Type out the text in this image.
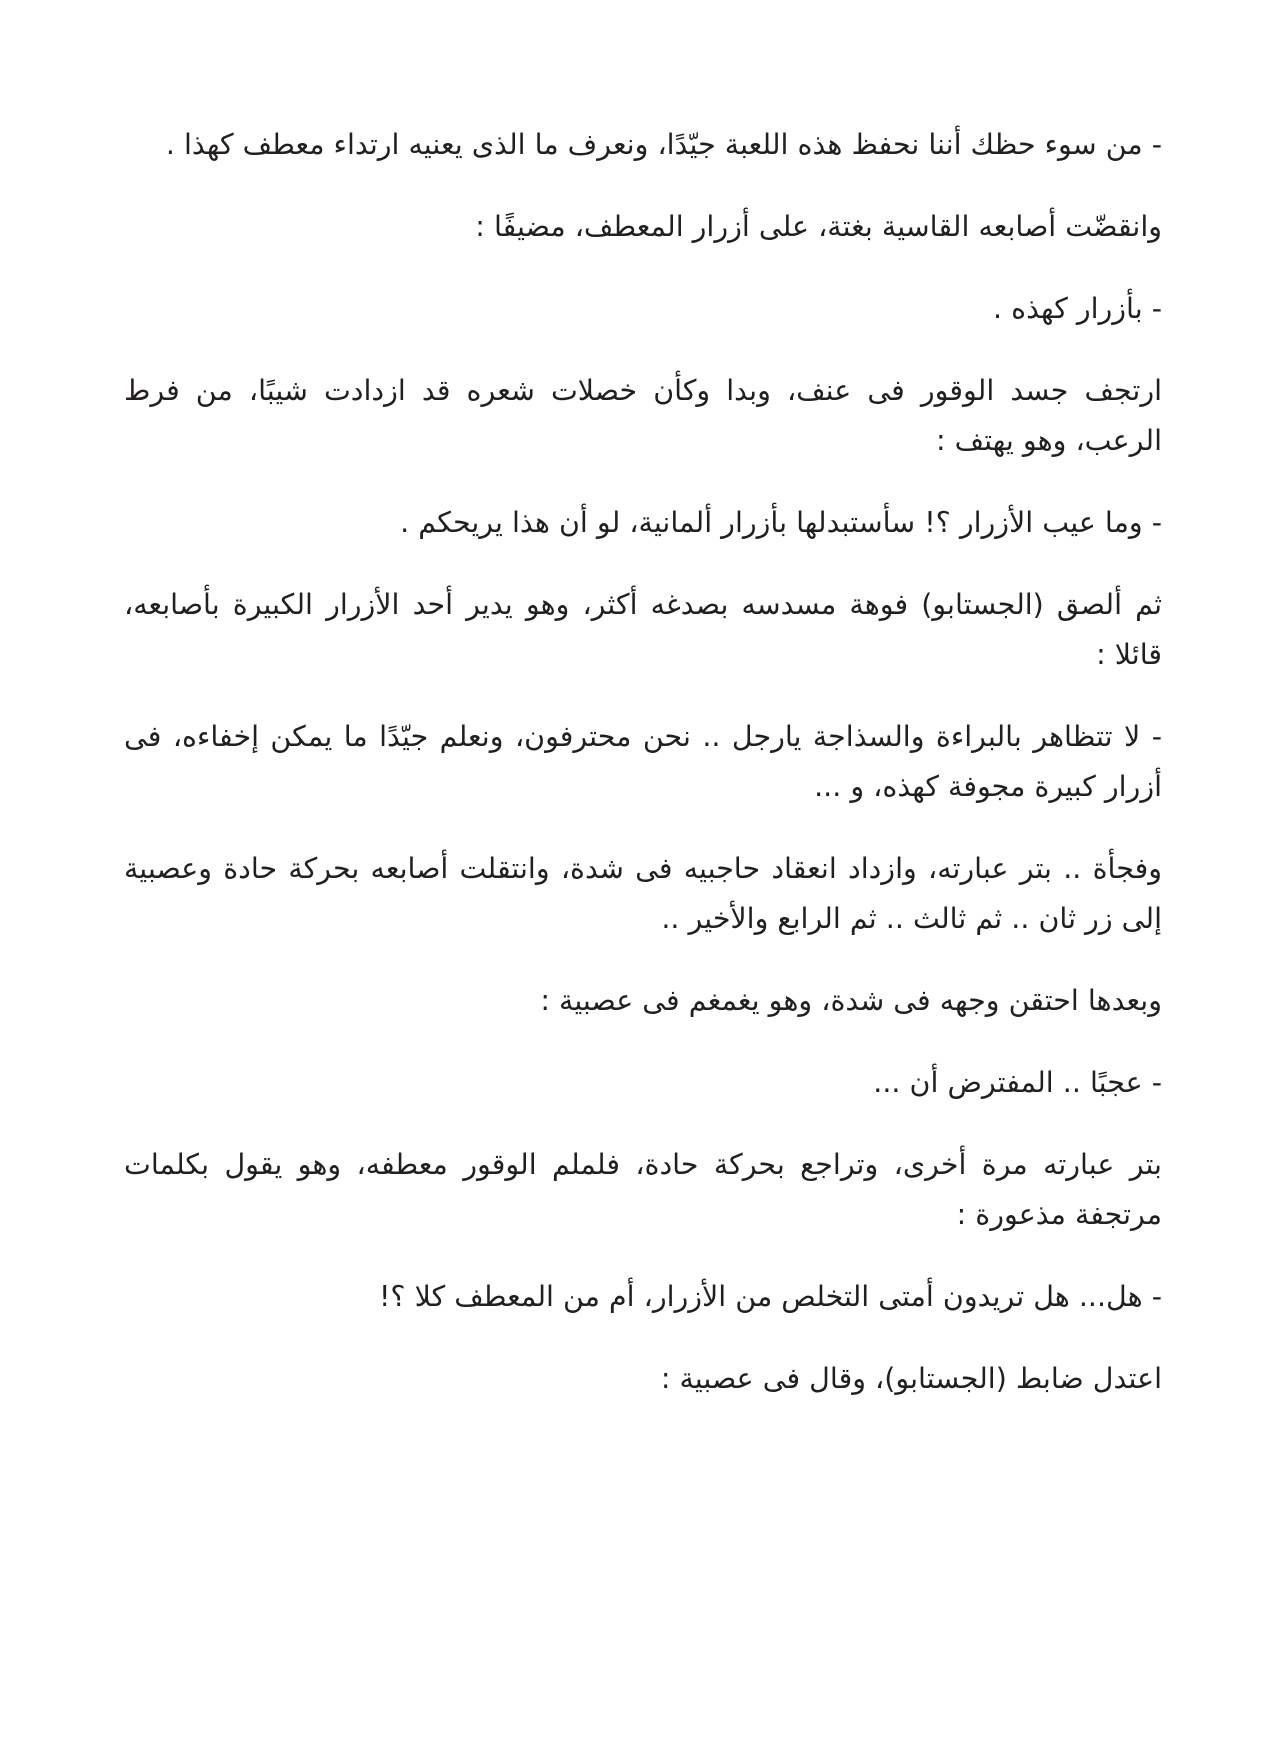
- من سوء حظك أننا نحفظ هذه اللعبة جيّدًا، ونعرف ما الذى يعنيه ارتداء معطف كهذا .

وانقضّت أصابعه القاسية بغتة، على أزرار المعطف، مضيفًا :

- بأزرار كهذه .

ارتجف جسد الوقور فى عنف، وبدا وكأن خصلات شعره قد ازدادت شيبًا، من فرط الرعب، وهو يهتف :

- وما عيب الأزرار ؟! سأستبدلها بأزرار ألمانية، لو أن هذا يريحكم .

ثم ألصق (الجستابو) فوهة مسدسه بصدغه أكثر، وهو يدير أحد الأزرار الكبيرة بأصابعه، قائلا :

- لا تتظاهر بالبراءة والسذاجة يارجل .. نحن محترفون، ونعلم جيّدًا ما يمكن إخفاءه، فى أزرار كبيرة مجوفة كهذه، و ...

وفجأة .. بتر عبارته، وازداد انعقاد حاجبيه فى شدة، وانتقلت أصابعه بحركة حادة وعصبية إلى زر ثان .. ثم ثالث .. ثم الرابع والأخير ..

وبعدها احتقن وجهه فى شدة، وهو يغمغم فى عصبية :

- عجبًا .. المفترض أن ...

بتر عبارته مرة أخرى، وتراجع بحركة حادة، فلملم الوقور معطفه، وهو يقول بكلمات مرتجفة مذعورة :

- هل... هل تريدون أمتى التخلص من الأزرار، أم من المعطف كلا ؟!

اعتدل ضابط (الجستابو)، وقال فى عصبية :
